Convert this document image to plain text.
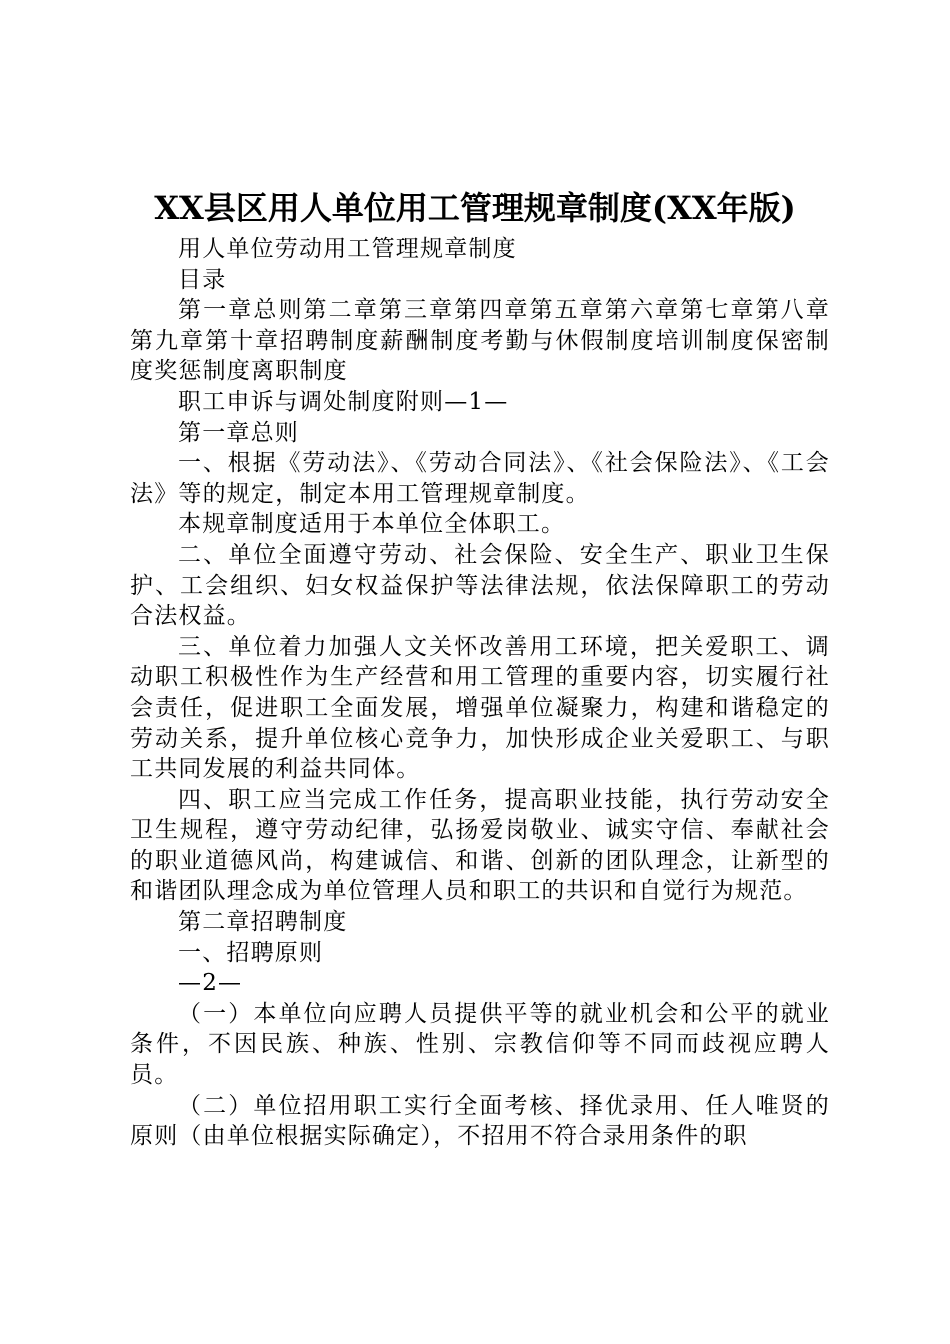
XX县区用人单位用工管理规章制度(XX年版)

用人单位劳动用工管理规章制度

目录

第一章总则第二章第三章第四章第五章第六章第七章第八章第九章第十章招聘制度薪酬制度考勤与休假制度培训制度保密制度奖惩制度离职制度

职工申诉与调处制度附则—1—

第一章总则

一、根据《劳动法》、《劳动合同法》、《社会保险法》、《工会法》等的规定，制定本用工管理规章制度。

本规章制度适用于本单位全体职工。

二、单位全面遵守劳动、社会保险、安全生产、职业卫生保护、工会组织、妇女权益保护等法律法规，依法保障职工的劳动合法权益。

三、单位着力加强人文关怀改善用工环境，把关爱职工、调动职工积极性作为生产经营和用工管理的重要内容，切实履行社会责任，促进职工全面发展，增强单位凝聚力，构建和谐稳定的劳动关系，提升单位核心竞争力，加快形成企业关爱职工、与职工共同发展的利益共同体。

四、职工应当完成工作任务，提高职业技能，执行劳动安全卫生规程，遵守劳动纪律，弘扬爱岗敬业、诚实守信、奉献社会的职业道德风尚，构建诚信、和谐、创新的团队理念，让新型的和谐团队理念成为单位管理人员和职工的共识和自觉行为规范。

第二章招聘制度

一、招聘原则

—2—

（一）本单位向应聘人员提供平等的就业机会和公平的就业条件，不因民族、种族、性别、宗教信仰等不同而歧视应聘人员。

（二）单位招用职工实行全面考核、择优录用、任人唯贤的原则（由单位根据实际确定），不招用不符合录用条件的职
